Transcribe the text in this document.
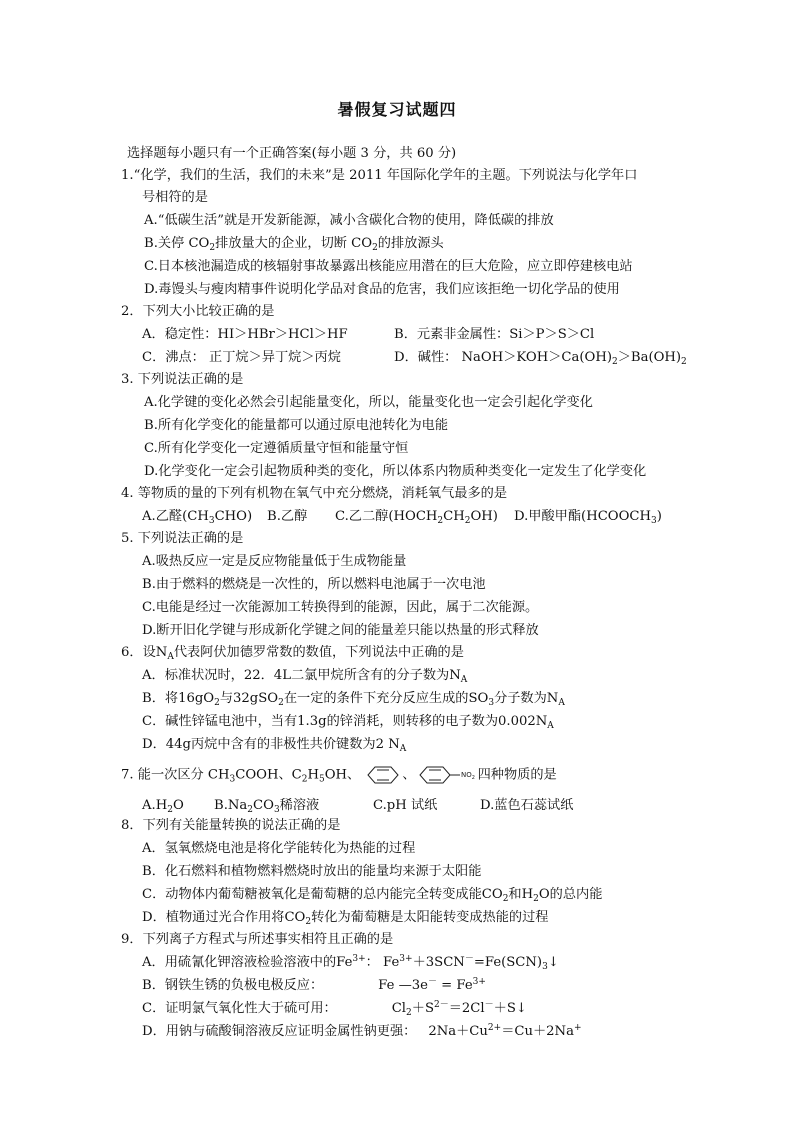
暑假复习试题四
选择题每小题只有一个正确答案(每小题 3 分，共 60 分)
1.“化学，我们的生活，我们的未来”是 2011 年国际化学年的主题。下列说法与化学年口
号相符的是
A.“低碳生活”就是开发新能源，减小含碳化合物的使用，降低碳的排放
B.关停 $CO_2$排放量大的企业，切断 $CO_2$的排放源头
C.日本核池漏造成的核辐射事故暴露出核能应用潜在的巨大危险，应立即停建核电站
D.毒馒头与瘦肉精事件说明化学品对食品的危害，我们应该拒绝一切化学品的使用
2．下列大小比较正确的是
A．稳定性：HI＞HBr＞HCl＞HF	B．元素非金属性：Si＞P＞S＞Cl
C．沸点： 正丁烷＞异丁烷＞丙烷	D．碱性： $NaOH>KOH>Ca(OH)_2>Ba(OH)_2$
3. 下列说法正确的是
A.化学键的变化必然会引起能量变化，所以，能量变化也一定会引起化学变化
B.所有化学变化的能量都可以通过原电池转化为电能
C.所有化学变化一定遵循质量守恒和能量守恒
D.化学变化一定会引起物质种类的变化，所以体系内物质种类变化一定发生了化学变化
4. 等物质的量的下列有机物在氧气中充分燃烧，消耗氧气最多的是
A.乙醛$(CH_3CHO)$ B.乙醇 C.乙二醇$(HOCH_2CH_2OH)$ D.甲酸甲酯$(HCOOCH_3)$
5. 下列说法正确的是
A.吸热反应一定是反应物能量低于生成物能量
B.由于燃料的燃烧是一次性的，所以燃料电池属于一次电池
C.电能是经过一次能源加工转换得到的能源，因此，属于二次能源。
D.断开旧化学键与形成新化学键之间的能量差只能以热量的形式释放
6．设$N_A$代表阿伏加德罗常数的数值，下列说法中正确的是
A．标准状况时，22．4L二氯甲烷所含有的分子数为$N_A$
B．将$16gO_2$与32gSO$_2$在一定的条件下充分反应生成的$SO_3$分子数为$N_A$
C．碱性锌锰电池中，当有1.3g的锌消耗，则转移的电子数为$0.002N_A$
D．44g丙烷中含有的非极性共价键数为2 $N_A$
7. 能一次区分 $CH_3COOH$、$C_2H_5OH$、	、	$NO_2$ 四种物质的是
$A.H_2O$ $B.Na_2CO_3$稀溶液	C.pH 试纸	D.蓝色石蕊试纸
8．下列有关能量转换的说法正确的是
A．氢氧燃烧电池是将化学能转化为热能的过程
B．化石燃料和植物燃料燃烧时放出的能量均来源于太阳能
C．动物体内葡萄糖被氧化是葡萄糖的总内能完全转变成能$CO_2$和$H_2O$的总内能
D．植物通过光合作用将$CO_2$转化为葡萄糖是太阳能转变成热能的过程
9．下列离子方程式与所述事实相符且正确的是
A．用硫氰化钾溶液检验溶液中的$Fe^{3+}$： $Fe^{3+}+3SCN^-=Fe(SCN)_3↓$
B．钢铁生锈的负极电极反应：	Fe —3e－ = $Fe^{3+}$
C．证明氯气氧化性大于硫可用：	$Cl_2+S^{2-}=2Cl^-+S↓$
D．用钠与硫酸铜溶液反应证明金属性钠更强： $2Na+Cu^{2+}=Cu+2Na^+$
